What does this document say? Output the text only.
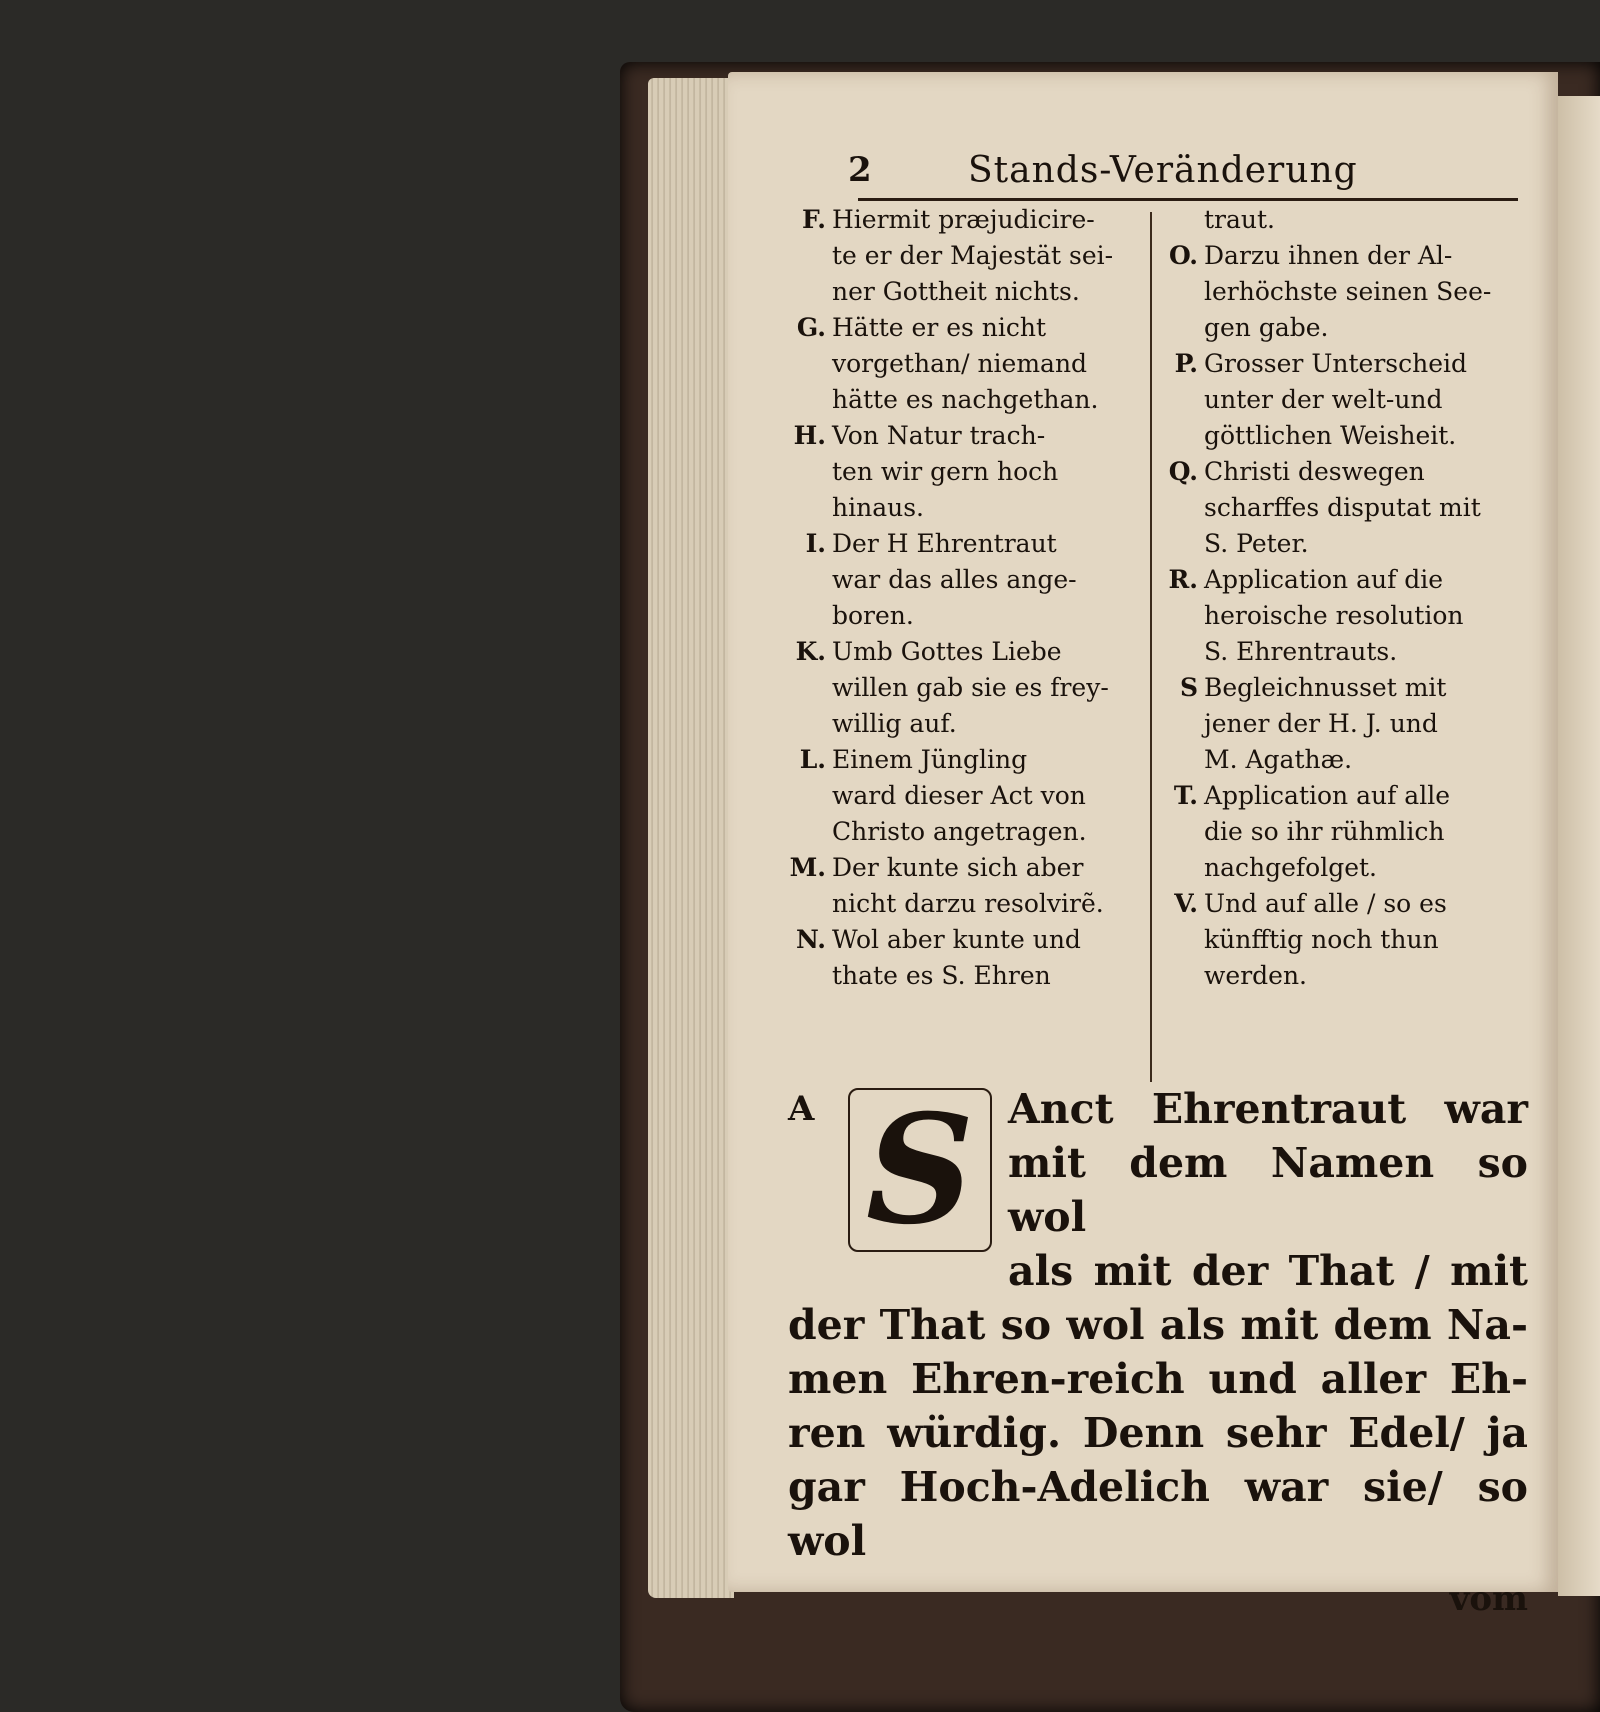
2	Stands-Veränderung
F. Hiermit præjudicire-
te er der Majestät sei-
ner Gottheit nichts.
G. Hätte er es nicht
vorgethan/ niemand
hätte es nachgethan.
H. Von Natur trach-
ten wir gern hoch
hinaus.
I. Der H Ehrentraut
war das alles ange-
boren.
K. Umb Gottes Liebe
willen gab sie es frey-
willig auf.
L. Einem Jüngling
ward dieser Act von
Christo angetragen.
M. Der kunte sich aber
nicht darzu resolvirẽ.
N. Wol aber kunte und
thate es S. Ehren
traut.
O. Darzu ihnen der Al-
lerhöchste seinen See-
gen gabe.
P. Grosser Unterscheid
unter der welt-und
göttlichen Weisheit.
Q. Christi deswegen
scharffes disputat mit
S. Peter.
R. Application auf die
heroische resolution
S. Ehrentrauts.
S Begleichnusset mit
jener der H. J. und
M. Agathæ.
T. Application auf alle
die so ihr rühmlich
nachgefolget.
V. Und auf alle / so es
künfftig noch thun
werden.
A S Anct Ehrentraut war
mit dem Namen so wol
als mit der That / mit
der That so wol als mit dem Na-
men Ehren-reich und aller Eh-
ren würdig. Denn sehr Edel/ ja
gar Hoch-Adelich war sie/ so wol
vom
